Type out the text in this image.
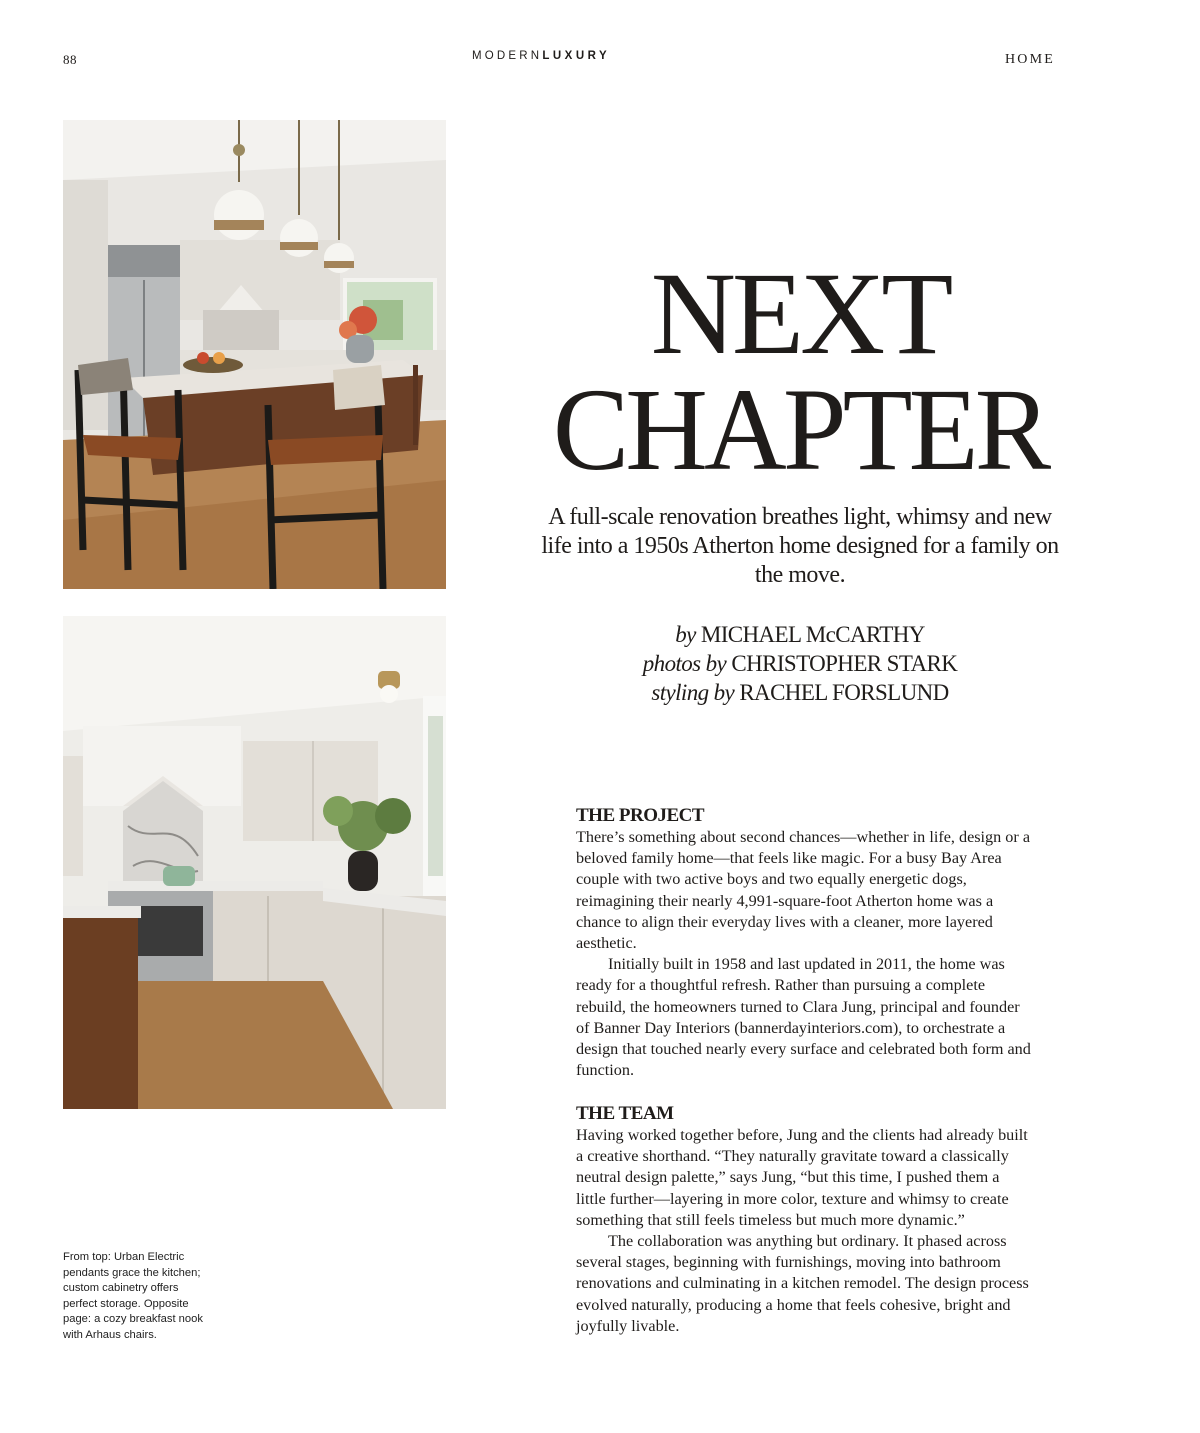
88	MODERNLUXURY	HOME
NEXT
CHAPTER
A full-scale renovation breathes light, whimsy and new life into a 1950s Atherton home designed for a family on the move.
by MICHAEL McCARTHY
photos by CHRISTOPHER STARK
styling by RACHEL FORSLUND
THE PROJECT

There’s something about second chances—whether in life, design or a beloved family home—that feels like magic. For a busy Bay Area couple with two active boys and two equally energetic dogs, reimagining their nearly 4,991-square-foot Atherton home was a chance to align their everyday lives with a cleaner, more layered aesthetic.

Initially built in 1958 and last updated in 2011, the home was ready for a thoughtful refresh. Rather than pursuing a complete rebuild, the homeowners turned to Clara Jung, principal and founder of Banner Day Interiors (bannerdayinteriors.com), to orchestrate a design that touched nearly every surface and celebrated both form and function.

THE TEAM

Having worked together before, Jung and the clients had already built a creative shorthand. “They naturally gravitate toward a classically neutral design palette,” says Jung, “but this time, I pushed them a little further—layering in more color, texture and whimsy to create something that still feels timeless but much more dynamic.”

The collaboration was anything but ordinary. It phased across several stages, beginning with furnishings, moving into bathroom renovations and culminating in a kitchen remodel. The design process evolved naturally, producing a home that feels cohesive, bright and joyfully livable.

From top: Urban Electric pendants grace the kitchen; custom cabinetry offers perfect storage. Opposite page: a cozy breakfast nook with Arhaus chairs.
